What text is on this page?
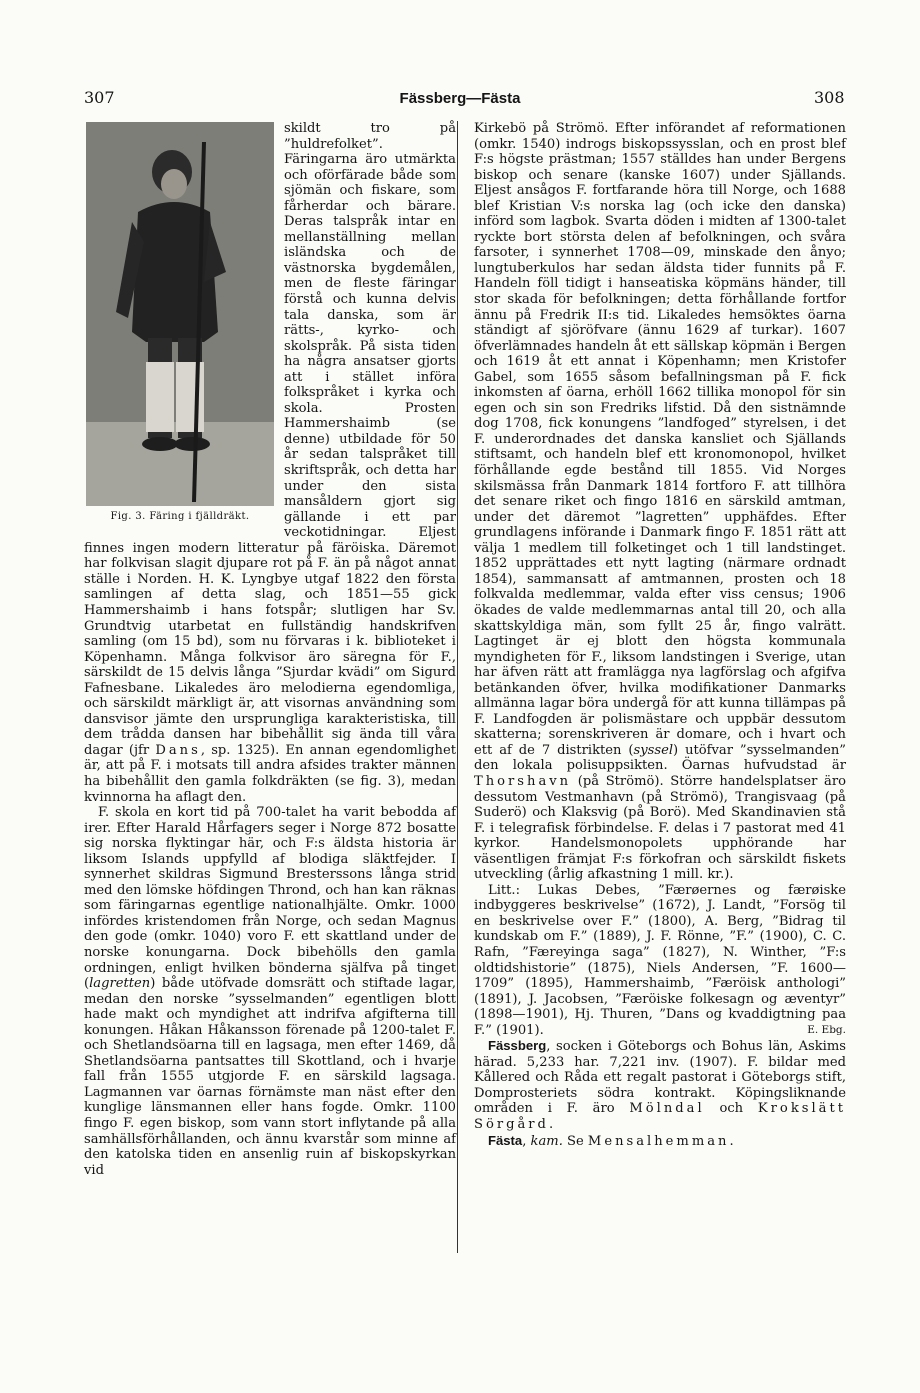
307	Fässberg—Fästa	308

Fig. 3. Färing i fjälldräkt.
skildt tro på ”huldrefolket”. Färingarna äro utmärkta och oförfärade både som sjömän och fiskare, som fårherdar och bärare. Deras talspråk intar en mellanställning mellan isländska och de västnorska bygdemålen, men de fleste färingar förstå och kunna delvis tala danska, som är rätts-, kyrko- och skolspråk. På sista tiden ha några ansatser gjorts att i stället införa folkspråket i kyrka och skola. Prosten Hammershaimb (se denne) utbildade för 50 år sedan talspråket till skriftspråk, och detta har under den sista mansåldern gjort sig gällande i ett par veckotidningar. Eljest finnes ingen modern litteratur på färöiska. Däremot har folkvisan slagit djupare rot på F. än på något annat ställe i Norden. H. K. Lyngbye utgaf 1822 den första samlingen af detta slag, och 1851—55 gick Hammershaimb i hans fotspår; slutligen har Sv. Grundtvig utarbetat en fullständig handskrifven samling (om 15 bd), som nu förvaras i k. biblioteket i Köpenhamn. Många folkvisor äro säregna för F., särskildt de 15 delvis långa ”Sjurdar kvädi” om Sigurd Fafnesbane. Likaledes äro melodierna egendomliga, och särskildt märkligt är, att visornas användning som dansvisor jämte den ursprungliga karakteristiska, till dem trådda dansen har bibehållit sig ända till våra dagar (jfr Dans, sp. 1325). En annan egendomlighet är, att på F. i motsats till andra afsides trakter männen ha bibehållit den gamla folkdräkten (se fig. 3), medan kvinnorna ha aflagt den.

F. skola en kort tid på 700-talet ha varit bebodda af irer. Efter Harald Hårfagers seger i Norge 872 bosatte sig norska flyktingar här, och F:s äldsta historia är liksom Islands uppfylld af blodiga släktfejder. I synnerhet skildras Sigmund Bresterssons långa strid med den lömske höfdingen Thrond, och han kan räknas som färingarnas egentlige nationalhjälte. Omkr. 1000 infördes kristendomen från Norge, och sedan Magnus den gode (omkr. 1040) voro F. ett skattland under de norske konungarna. Dock bibehölls den gamla ordningen, enligt hvilken bönderna själfva på tinget (lagretten) både utöfvade domsrätt och stiftade lagar, medan den norske ”sysselmanden” egentligen blott hade makt och myndighet att indrifva afgifterna till konungen. Håkan Håkansson förenade på 1200-talet F. och Shetlandsöarna till en lagsaga, men efter 1469, då Shetlandsöarna pantsattes till Skottland, och i hvarje fall från 1555 utgjorde F. en särskild lagsaga. Lagmannen var öarnas förnämste man näst efter den kunglige länsmannen eller hans fogde. Omkr. 1100 fingo F. egen biskop, som vann stort inflytande på alla samhällsförhållanden, och ännu kvarstår som minne af den katolska tiden en ansenlig ruin af biskopskyrkan vid

Kirkebö på Strömö. Efter införandet af reformationen (omkr. 1540) indrogs biskopssysslan, och en prost blef F:s högste prästman; 1557 ställdes han under Bergens biskop och senare (kanske 1607) under Själlands. Eljest ansågos F. fortfarande höra till Norge, och 1688 blef Kristian V:s norska lag (och icke den danska) införd som lagbok. Svarta döden i midten af 1300-talet ryckte bort största delen af befolkningen, och svåra farsoter, i synnerhet 1708—09, minskade den ånyo; lungtuberkulos har sedan äldsta tider funnits på F. Handeln föll tidigt i hanseatiska köpmäns händer, till stor skada för befolkningen; detta förhållande fortfor ännu på Fredrik II:s tid. Likaledes hemsöktes öarna ständigt af sjöröfvare (ännu 1629 af turkar). 1607 öfverlämnades handeln åt ett sällskap köpmän i Bergen och 1619 åt ett annat i Köpenhamn; men Kristofer Gabel, som 1655 såsom befallningsman på F. fick inkomsten af öarna, erhöll 1662 tillika monopol för sin egen och sin son Fredriks lifstid. Då den sistnämnde dog 1708, fick konungens ”landfoged” styrelsen, i det F. underordnades det danska kansliet och Själlands stiftsamt, och handeln blef ett kronomonopol, hvilket förhållande egde bestånd till 1855. Vid Norges skilsmässa från Danmark 1814 fortforo F. att tillhöra det senare riket och fingo 1816 en särskild amtman, under det däremot ”lagretten” upphäfdes. Efter grundlagens införande i Danmark fingo F. 1851 rätt att välja 1 medlem till folketinget och 1 till landstinget. 1852 upprättades ett nytt lagting (närmare ordnadt 1854), sammansatt af amtmannen, prosten och 18 folkvalda medlemmar, valda efter viss census; 1906 ökades de valde medlemmarnas antal till 20, och alla skattskyldiga män, som fyllt 25 år, fingo valrätt. Lagtinget är ej blott den högsta kommunala myndigheten för F., liksom landstingen i Sverige, utan har äfven rätt att framlägga nya lagförslag och afgifva betänkanden öfver, hvilka modifikationer Danmarks allmänna lagar böra undergå för att kunna tillämpas på F. Landfogden är polismästare och uppbär dessutom skatterna; sorenskriveren är domare, och i hvart och ett af de 7 distrikten (syssel) utöfvar ”sysselmanden” den lokala polisuppsikten. Öarnas hufvudstad är Thorshavn (på Strömö). Större handelsplatser äro dessutom Vestmanhavn (på Strömö), Trangisvaag (på Suderö) och Klaksvig (på Borö). Med Skandinavien stå F. i telegrafisk förbindelse. F. delas i 7 pastorat med 41 kyrkor. Handelsmonopolets upphörande har väsentligen främjat F:s förkofran och särskildt fiskets utveckling (årlig afkastning 1 mill. kr.).

Litt.: Lukas Debes, ”Færøernes og færøiske indbyggeres beskrivelse” (1672), J. Landt, ”Forsög til en beskrivelse over F.” (1800), A. Berg, ”Bidrag til kundskab om F.” (1889), J. F. Rönne, ”F.” (1900), C. C. Rafn, ”Færeyinga saga” (1827), N. Winther, ”F:s oldtidshistorie” (1875), Niels Andersen, ”F. 1600—1709” (1895), Hammershaimb, ”Færöisk anthologi” (1891), J. Jacobsen, ”Færöiske folkesagn og æventyr” (1898—1901), Hj. Thuren, ”Dans og kvaddigtning paa F.” (1901).	E. Ebg.

Fässberg, socken i Göteborgs och Bohus län, Askims härad. 5,233 har. 7,221 inv. (1907). F. bildar med Kållered och Råda ett regalt pastorat i Göteborgs stift, Domprosteriets södra kontrakt. Köpingsliknande områden i F. äro Mölndal och Krokslätt Sörgård.

Fästa, kam. Se Mensalhemman.
